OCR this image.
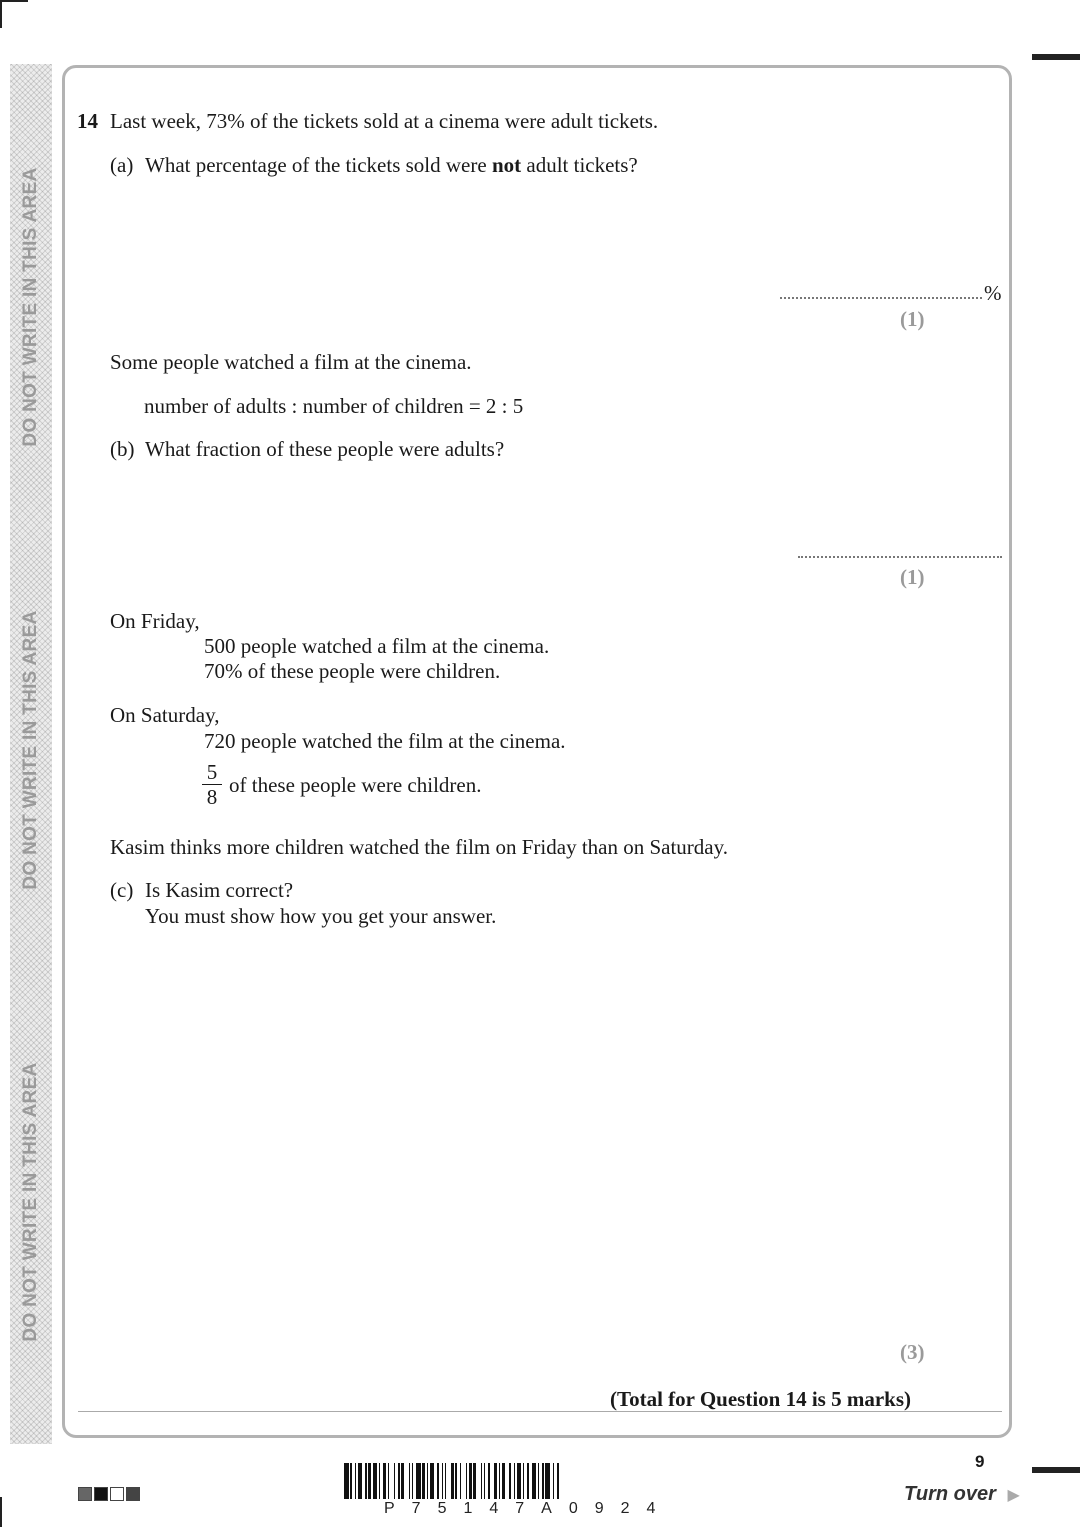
DO NOT WRITE IN THIS AREA
DO NOT WRITE IN THIS AREA
DO NOT WRITE IN THIS AREA
14 Last week, 73% of the tickets sold at a cinema were adult tickets.
(a) What percentage of the tickets sold were not adult tickets?
%
(1)
Some people watched a film at the cinema.
number of adults : number of children = 2 : 5
(b) What fraction of these people were adults?
(1)
On Friday,
500 people watched a film at the cinema.
70% of these people were children.
On Saturday,
720 people watched the film at the cinema.
5
8 of these people were children.
Kasim thinks more children watched the film on Friday than on Saturday.
(c) Is Kasim correct?
You must show how you get your answer.
(3)
(Total for Question 14 is 5 marks)
P75147A0924
9
Turn over ▶
